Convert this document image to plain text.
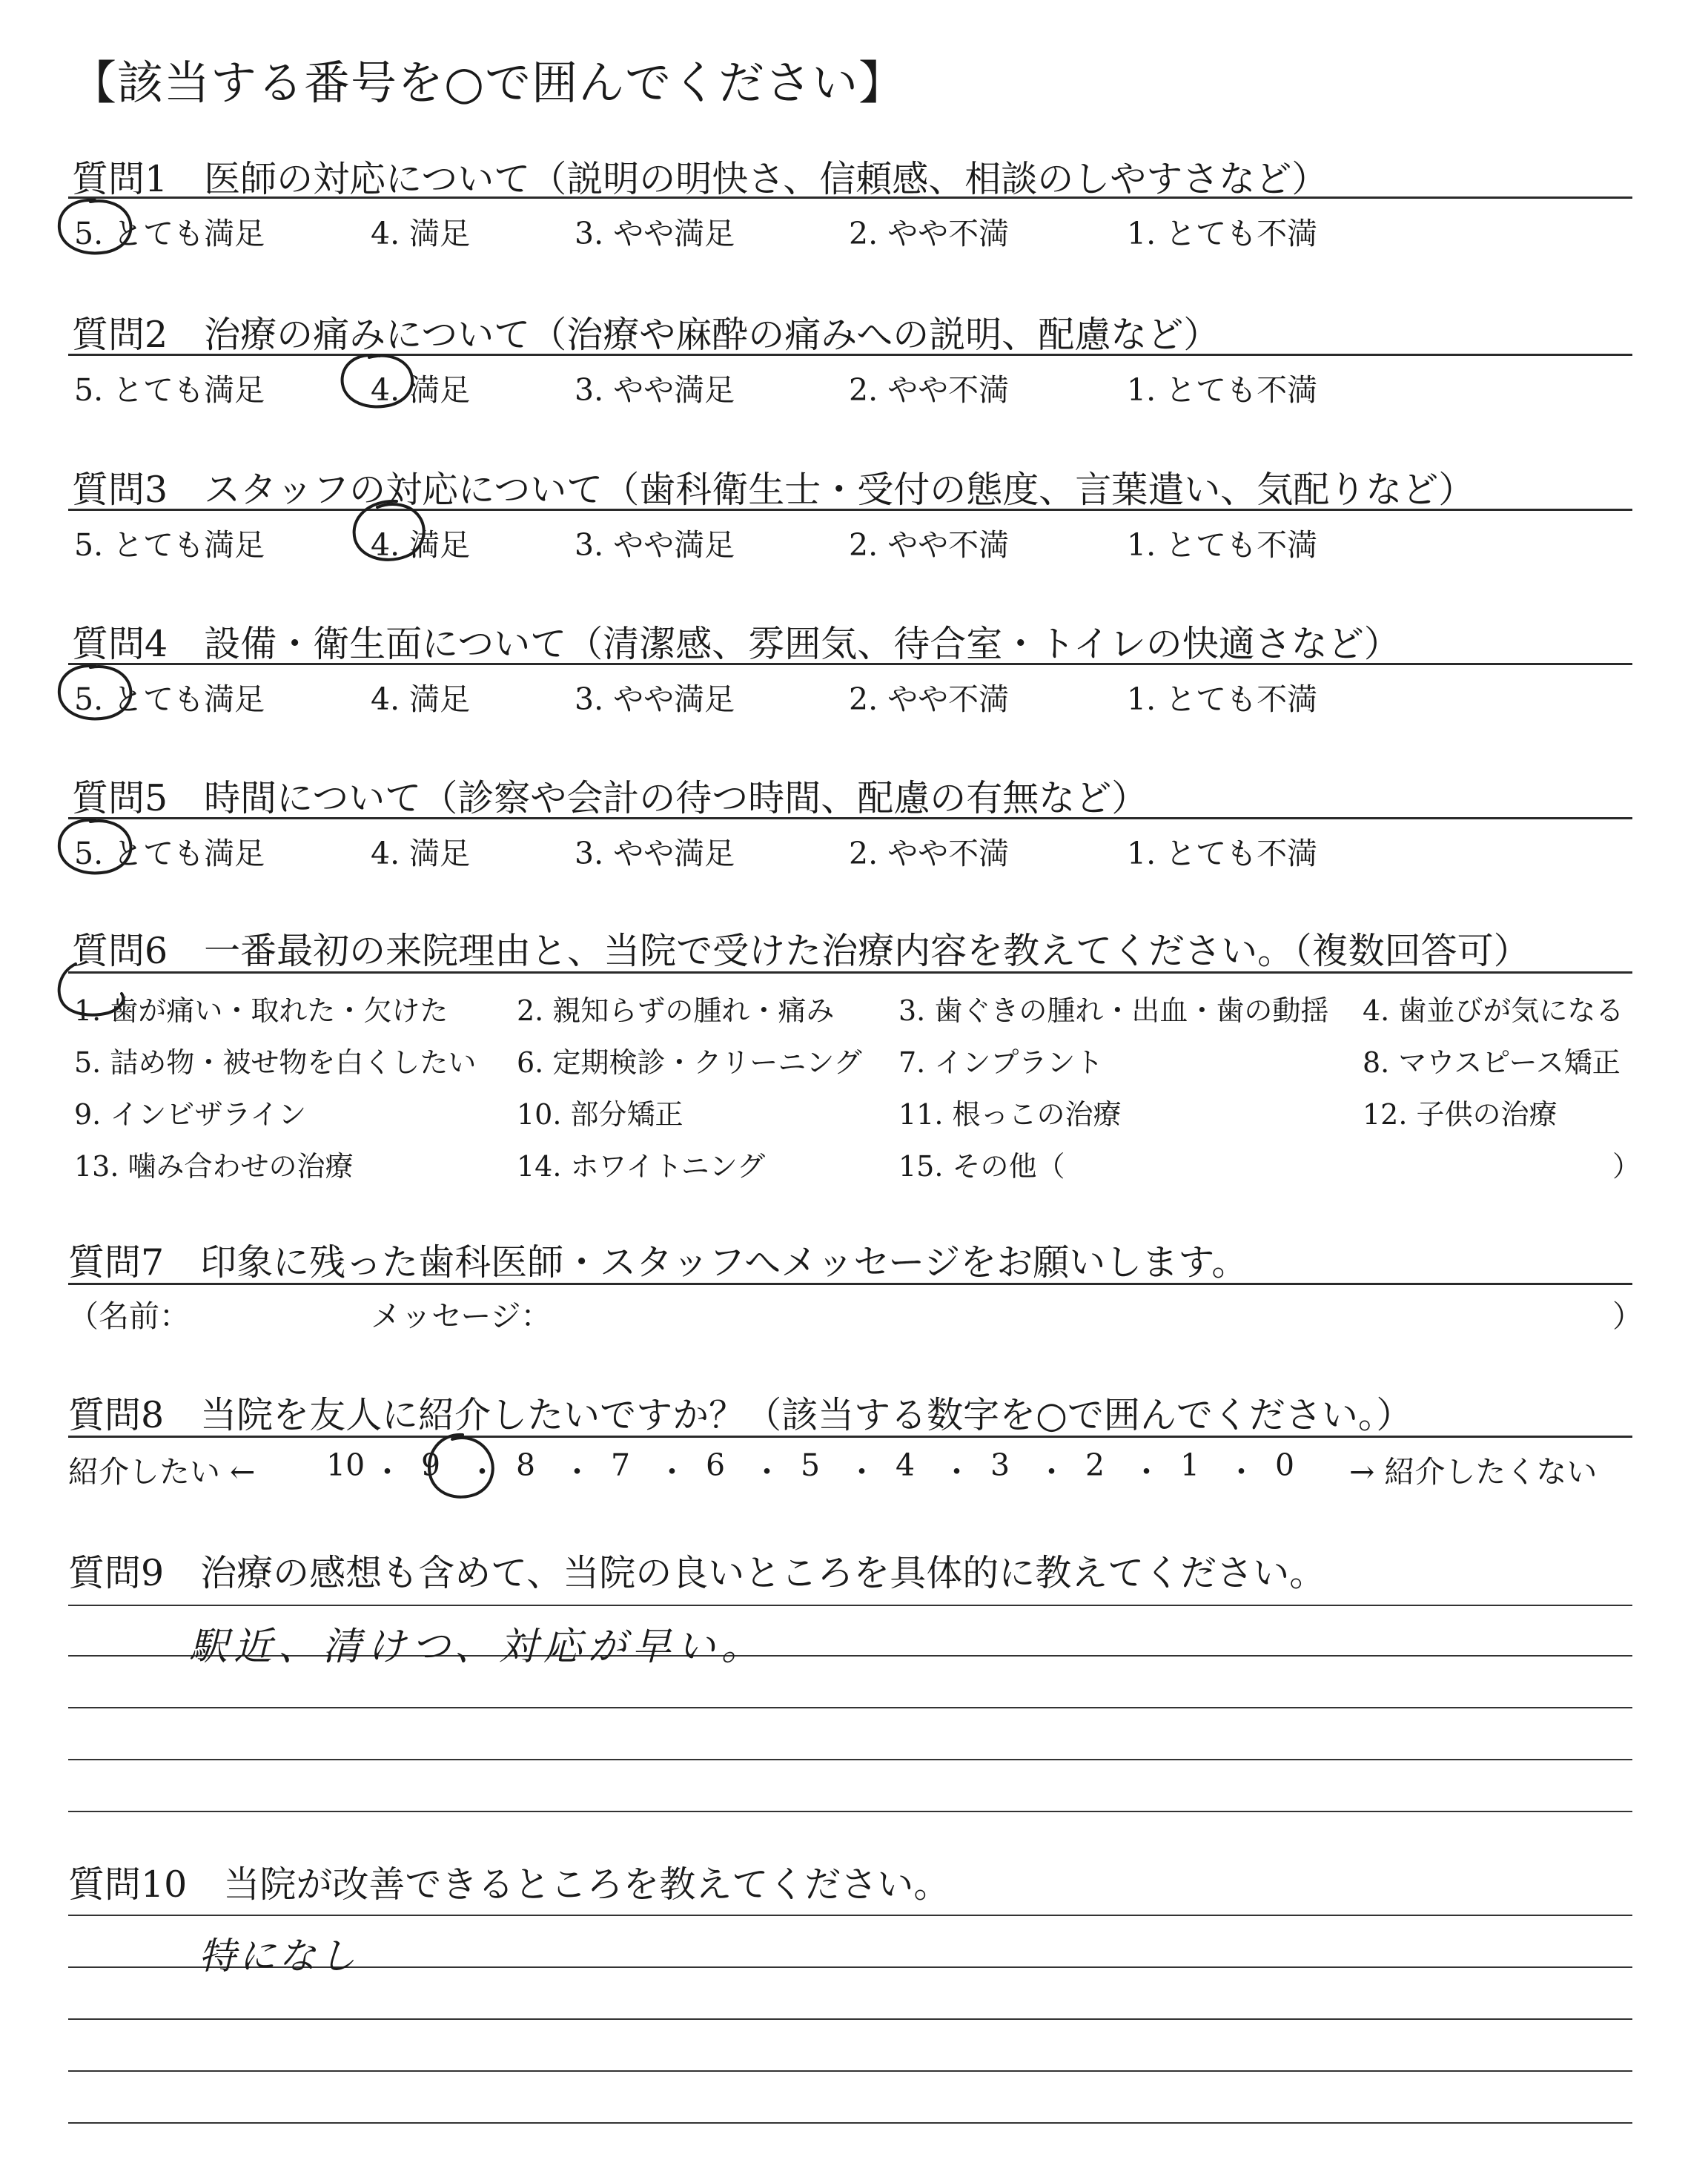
【該当する番号を○で囲んでください】
質問1　医師の対応について（説明の明快さ、信頼感、相談のしやすさなど）
5. とても満足	4. 満足	3. やや満足	2. やや不満	1. とても不満
質問2　治療の痛みについて（治療や麻酔の痛みへの説明、配慮など）
5. とても満足	4. 満足	3. やや満足	2. やや不満	1. とても不満
質問3　スタッフの対応について（歯科衛生士・受付の態度、言葉遣い、気配りなど）
5. とても満足	4. 満足	3. やや満足	2. やや不満	1. とても不満
質問4　設備・衛生面について（清潔感、雰囲気、待合室・トイレの快適さなど）
5. とても満足	4. 満足	3. やや満足	2. やや不満	1. とても不満
質問5　時間について（診察や会計の待つ時間、配慮の有無など）
5. とても満足	4. 満足	3. やや満足	2. やや不満	1. とても不満
質問6　一番最初の来院理由と、当院で受けた治療内容を教えてください。（複数回答可）
1. 歯が痛い・取れた・欠けた 2. 親知らずの腫れ・痛み 3. 歯ぐきの腫れ・出血・歯の動揺 4. 歯並びが気になる
5. 詰め物・被せ物を白くしたい 6. 定期検診・クリーニング 7. インプラント	8. マウスピース矯正
9. インビザライン	10. 部分矯正	11. 根っこの治療	12. 子供の治療
13. 噛み合わせの治療	14. ホワイトニング	15. その他（	）
質問7　印象に残った歯科医師・スタッフへメッセージをお願いします。
（名前：	メッセージ：	）
質問8　当院を友人に紹介したいですか？（該当する数字を○で囲んでください。）
紹介したい ← 10 ・ 9 ・ 8 ・ 7 ・ 6 ・ 5 ・ 4 ・ 3 ・ 2 ・ 1 ・ 0 → 紹介したくない
質問9　治療の感想も含めて、当院の良いところを具体的に教えてください。
駅近、清けつ、対応が早い。
質問10　当院が改善できるところを教えてください。
特になし
